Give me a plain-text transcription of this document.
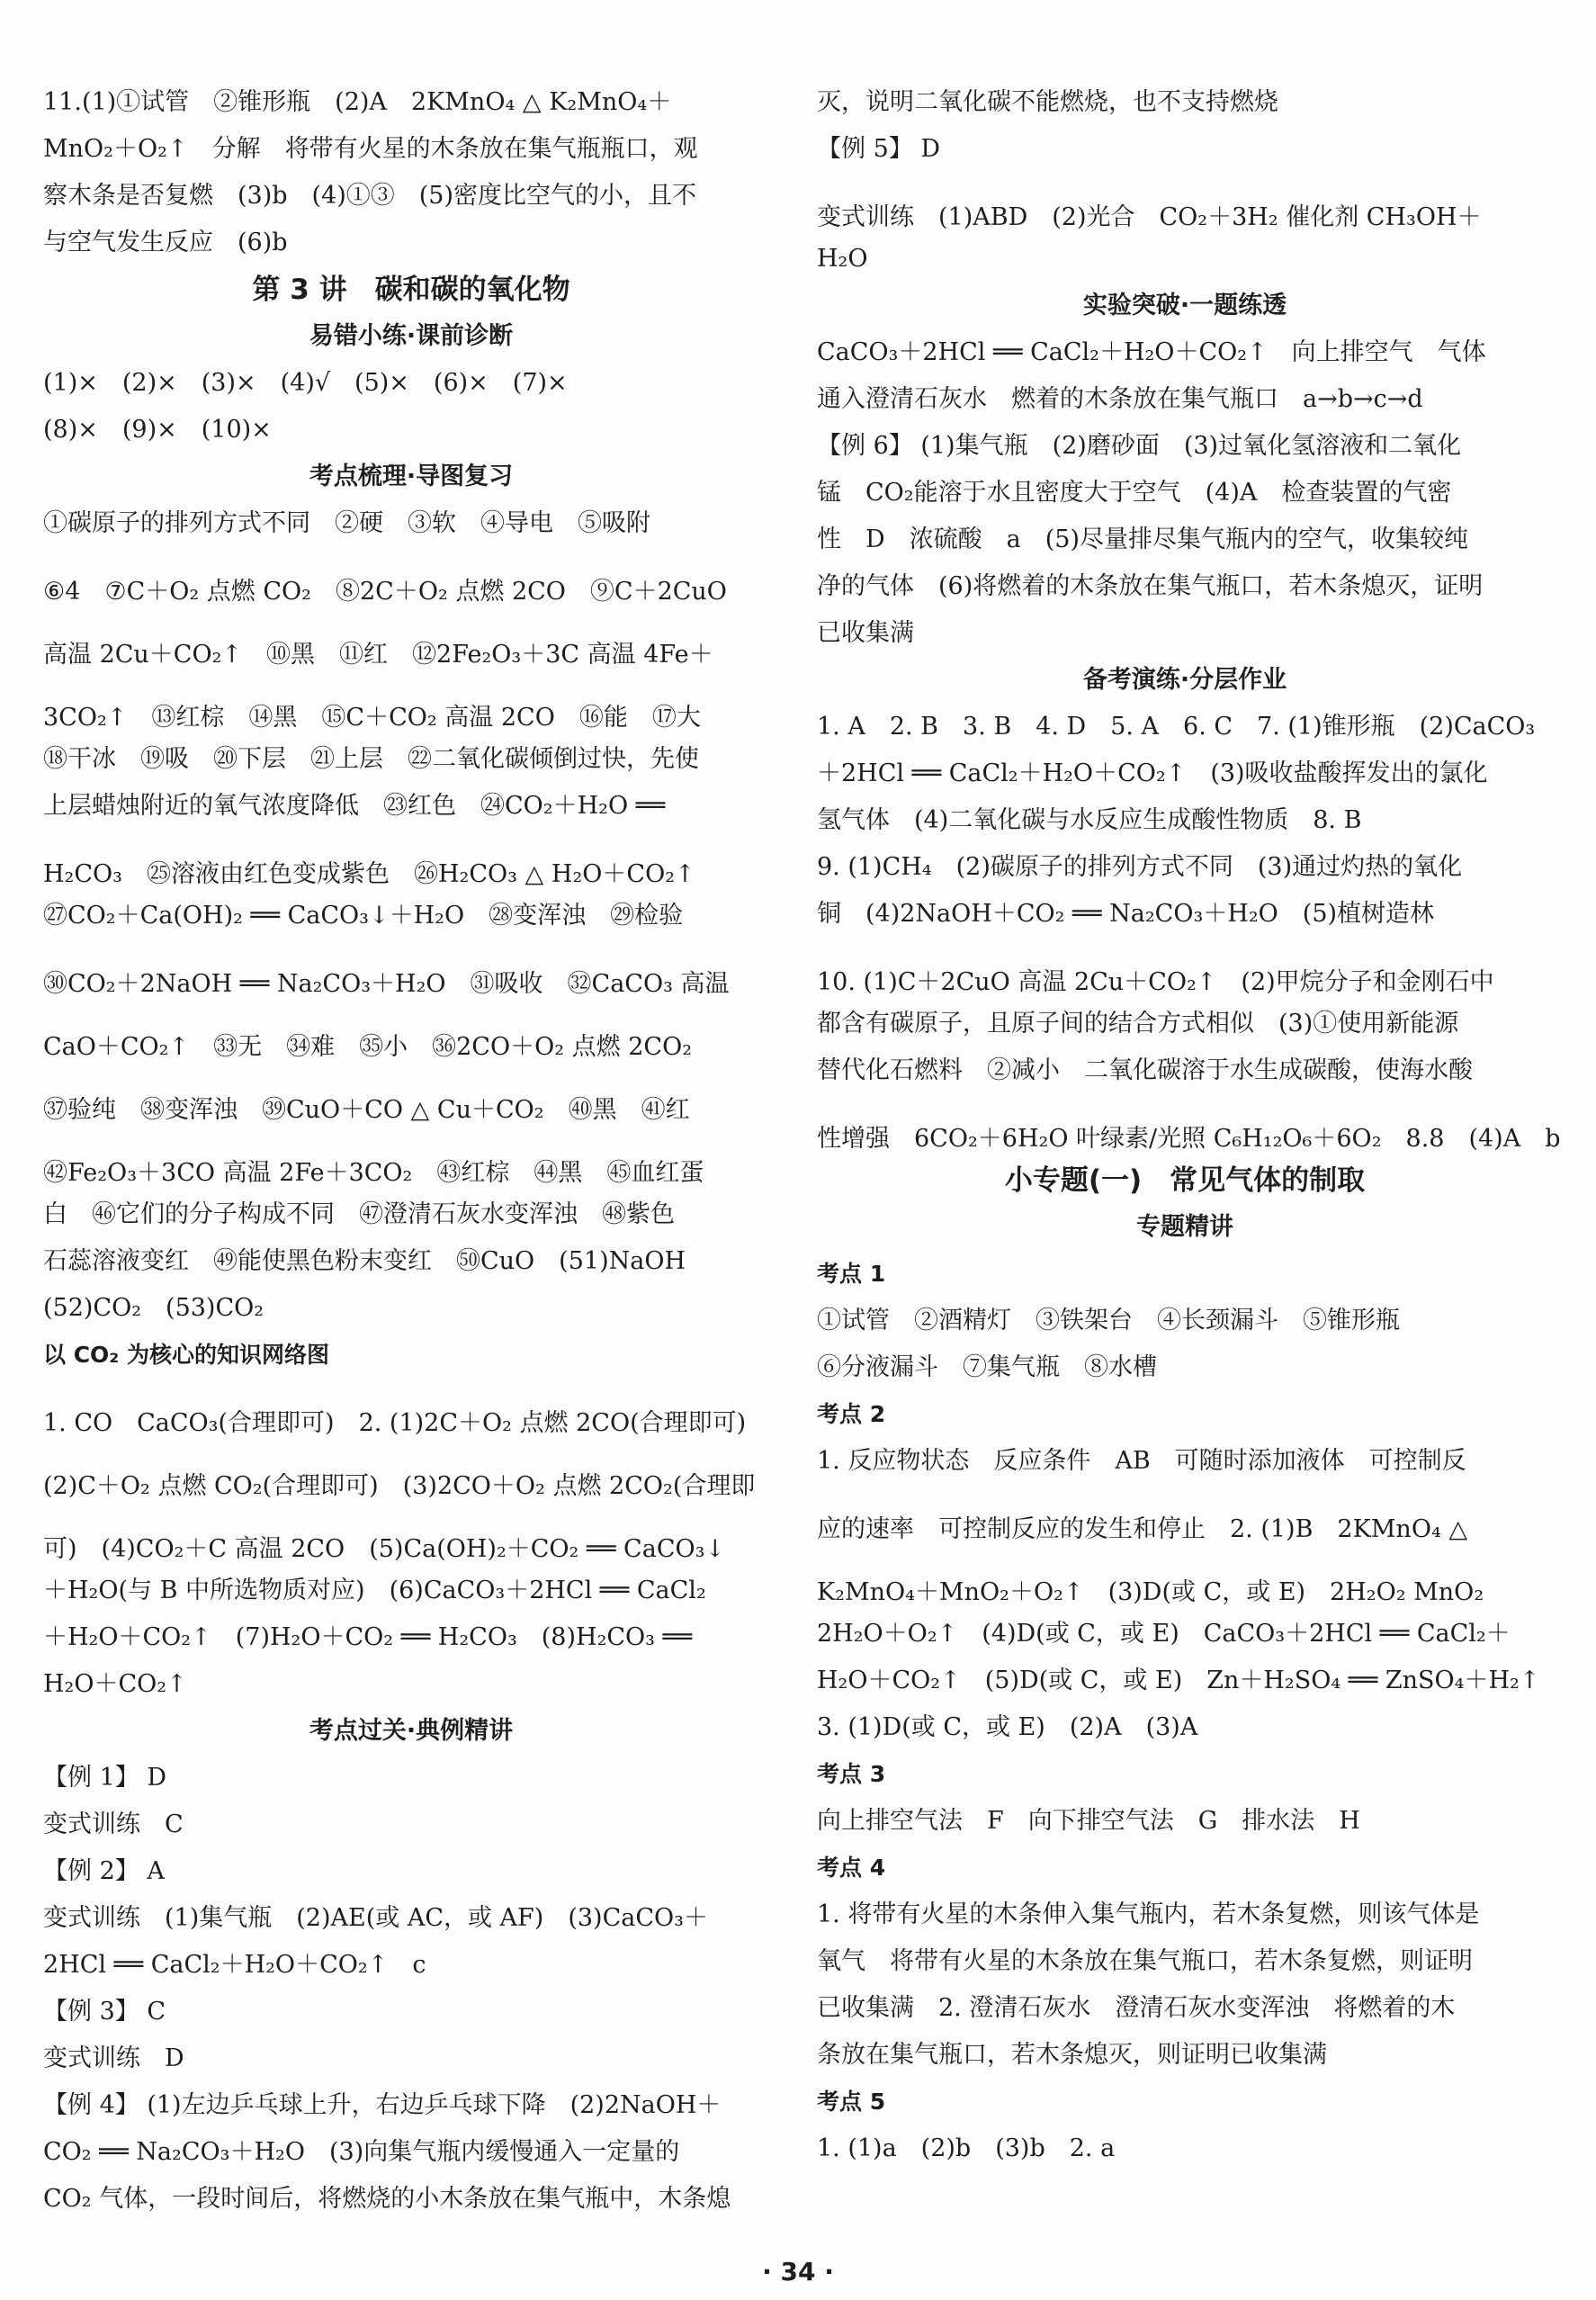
11.(1)①试管　②锥形瓶　(2)A　2KMnO₄ △ K₂MnO₄＋
MnO₂＋O₂↑　分解　将带有火星的木条放在集气瓶瓶口，观
察木条是否复燃　(3)b　(4)①③　(5)密度比空气的小，且不
与空气发生反应　(6)b
第 3 讲　碳和碳的氧化物
易错小练·课前诊断
(1)×　(2)×　(3)×　(4)√　(5)×　(6)×　(7)×
(8)×　(9)×　(10)×
考点梳理·导图复习
①碳原子的排列方式不同　②硬　③软　④导电　⑤吸附
⑥4　⑦C＋O₂ 点燃 CO₂　⑧2C＋O₂ 点燃 2CO　⑨C＋2CuO
高温 2Cu＋CO₂↑　⑩黑　⑪红　⑫2Fe₂O₃＋3C 高温 4Fe＋
3CO₂↑　⑬红棕　⑭黑　⑮C＋CO₂ 高温 2CO　⑯能　⑰大
⑱干冰　⑲吸　⑳下层　㉑上层　㉒二氧化碳倾倒过快，先使
上层蜡烛附近的氧气浓度降低　㉓红色　㉔CO₂＋H₂O ══
H₂CO₃　㉕溶液由红色变成紫色　㉖H₂CO₃ △ H₂O＋CO₂↑
㉗CO₂＋Ca(OH)₂ ══ CaCO₃↓＋H₂O　㉘变浑浊　㉙检验
㉚CO₂＋2NaOH ══ Na₂CO₃＋H₂O　㉛吸收　㉜CaCO₃ 高温
CaO＋CO₂↑　㉝无　㉞难　㉟小　㊱2CO＋O₂ 点燃 2CO₂
㊲验纯　㊳变浑浊　㊴CuO＋CO △ Cu＋CO₂　㊵黑　㊶红
㊷Fe₂O₃＋3CO 高温 2Fe＋3CO₂　㊸红棕　㊹黑　㊺血红蛋
白　㊻它们的分子构成不同　㊼澄清石灰水变浑浊　㊽紫色
石蕊溶液变红　㊾能使黑色粉末变红　㊿CuO　(51)NaOH
(52)CO₂　(53)CO₂
以 CO₂ 为核心的知识网络图
1. CO　CaCO₃(合理即可)　2. (1)2C＋O₂ 点燃 2CO(合理即可)
(2)C＋O₂ 点燃 CO₂(合理即可)　(3)2CO＋O₂ 点燃 2CO₂(合理即
可)　(4)CO₂＋C 高温 2CO　(5)Ca(OH)₂＋CO₂ ══ CaCO₃↓
＋H₂O(与 B 中所选物质对应)　(6)CaCO₃＋2HCl ══ CaCl₂
＋H₂O＋CO₂↑　(7)H₂O＋CO₂ ══ H₂CO₃　(8)H₂CO₃ ══
H₂O＋CO₂↑
考点过关·典例精讲
【例 1】 D
变式训练　C
【例 2】 A
变式训练　(1)集气瓶　(2)AE(或 AC，或 AF)　(3)CaCO₃＋
2HCl ══ CaCl₂＋H₂O＋CO₂↑　c
【例 3】 C
变式训练　D
【例 4】 (1)左边乒乓球上升，右边乒乓球下降　(2)2NaOH＋
CO₂ ══ Na₂CO₃＋H₂O　(3)向集气瓶内缓慢通入一定量的
CO₂ 气体，一段时间后，将燃烧的小木条放在集气瓶中，木条熄
灭，说明二氧化碳不能燃烧，也不支持燃烧
【例 5】 D
变式训练　(1)ABD　(2)光合　CO₂＋3H₂ 催化剂 CH₃OH＋
H₂O
实验突破·一题练透
CaCO₃＋2HCl ══ CaCl₂＋H₂O＋CO₂↑　向上排空气　气体
通入澄清石灰水　燃着的木条放在集气瓶口　a→b→c→d
【例 6】 (1)集气瓶　(2)磨砂面　(3)过氧化氢溶液和二氧化
锰　CO₂能溶于水且密度大于空气　(4)A　检查装置的气密
性　D　浓硫酸　a　(5)尽量排尽集气瓶内的空气，收集较纯
净的气体　(6)将燃着的木条放在集气瓶口，若木条熄灭，证明
已收集满
备考演练·分层作业
1. A　2. B　3. B　4. D　5. A　6. C　7. (1)锥形瓶　(2)CaCO₃
＋2HCl ══ CaCl₂＋H₂O＋CO₂↑　(3)吸收盐酸挥发出的氯化
氢气体　(4)二氧化碳与水反应生成酸性物质　8. B
9. (1)CH₄　(2)碳原子的排列方式不同　(3)通过灼热的氧化
铜　(4)2NaOH＋CO₂ ══ Na₂CO₃＋H₂O　(5)植树造林
10. (1)C＋2CuO 高温 2Cu＋CO₂↑　(2)甲烷分子和金刚石中
都含有碳原子，且原子间的结合方式相似　(3)①使用新能源
替代化石燃料　②减小　二氧化碳溶于水生成碳酸，使海水酸
性增强　6CO₂＋6H₂O 叶绿素/光照 C₆H₁₂O₆＋6O₂　8.8　(4)A　b
小专题(一)　常见气体的制取
专题精讲
考点 1
①试管　②酒精灯　③铁架台　④长颈漏斗　⑤锥形瓶
⑥分液漏斗　⑦集气瓶　⑧水槽
考点 2
1. 反应物状态　反应条件　AB　可随时添加液体　可控制反
应的速率　可控制反应的发生和停止　2. (1)B　2KMnO₄ △
K₂MnO₄＋MnO₂＋O₂↑　(3)D(或 C，或 E)　2H₂O₂ MnO₂
2H₂O＋O₂↑　(4)D(或 C，或 E)　CaCO₃＋2HCl ══ CaCl₂＋
H₂O＋CO₂↑　(5)D(或 C，或 E)　Zn＋H₂SO₄ ══ ZnSO₄＋H₂↑
3. (1)D(或 C，或 E)　(2)A　(3)A
考点 3
向上排空气法　F　向下排空气法　G　排水法　H
考点 4
1. 将带有火星的木条伸入集气瓶内，若木条复燃，则该气体是
氧气　将带有火星的木条放在集气瓶口，若木条复燃，则证明
已收集满　2. 澄清石灰水　澄清石灰水变浑浊　将燃着的木
条放在集气瓶口，若木条熄灭，则证明已收集满
考点 5
1. (1)a　(2)b　(3)b　2. a
· 34 ·
